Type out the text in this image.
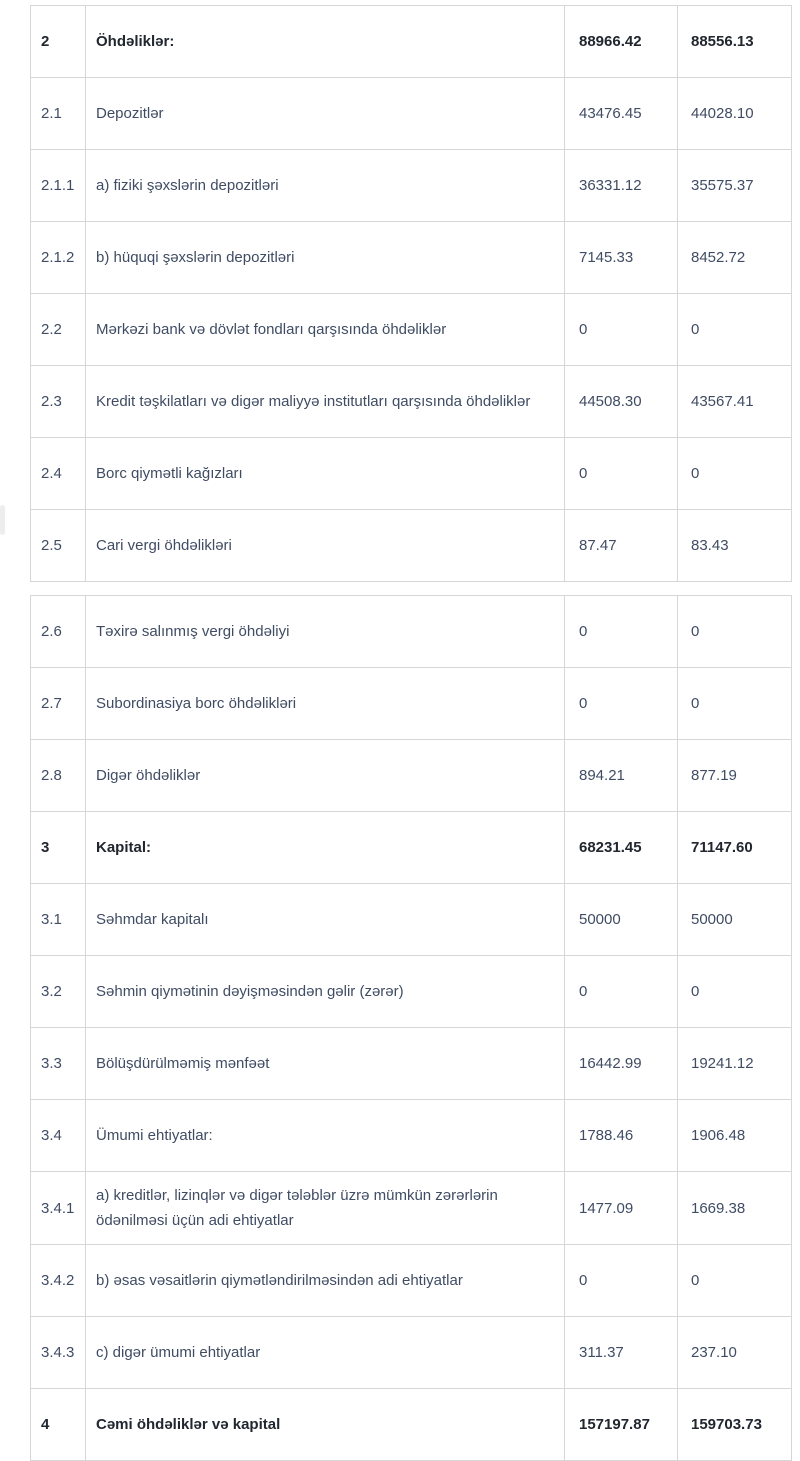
2	Öhdəliklər:	88966.42	88556.13
2.1	Depozitlər	43476.45	44028.10
2.1.1	a) fiziki şəxslərin depozitləri	36331.12	35575.37
2.1.2	b) hüquqi şəxslərin depozitləri	7145.33	8452.72
2.2	Mərkəzi bank və dövlət fondları qarşısında öhdəliklər	0	0
2.3	Kredit təşkilatları və digər maliyyə institutları qarşısında öhdəliklər	44508.30	43567.41
2.4	Borc qiymətli kağızları	0	0
2.5	Cari vergi öhdəlikləri	87.47	83.43
2.6	Təxirə salınmış vergi öhdəliyi	0	0
2.7	Subordinasiya borc öhdəlikləri	0	0
2.8	Digər öhdəliklər	894.21	877.19
3	Kapital:	68231.45	71147.60
3.1	Səhmdar kapitalı	50000	50000
3.2	Səhmin qiymətinin dəyişməsindən gəlir (zərər)	0	0
3.3	Bölüşdürülməmiş mənfəət	16442.99	19241.12
3.4	Ümumi ehtiyatlar:	1788.46	1906.48
3.4.1	a) kreditlər, lizinqlər və digər tələblər üzrə mümkün zərərlərin ödənilməsi üçün adi ehtiyatlar	1477.09	1669.38
3.4.2	b) əsas vəsaitlərin qiymətləndirilməsindən adi ehtiyatlar	0	0
3.4.3	c) digər ümumi ehtiyatlar	311.37	237.10
4	Cəmi öhdəliklər və kapital	157197.87	159703.73
